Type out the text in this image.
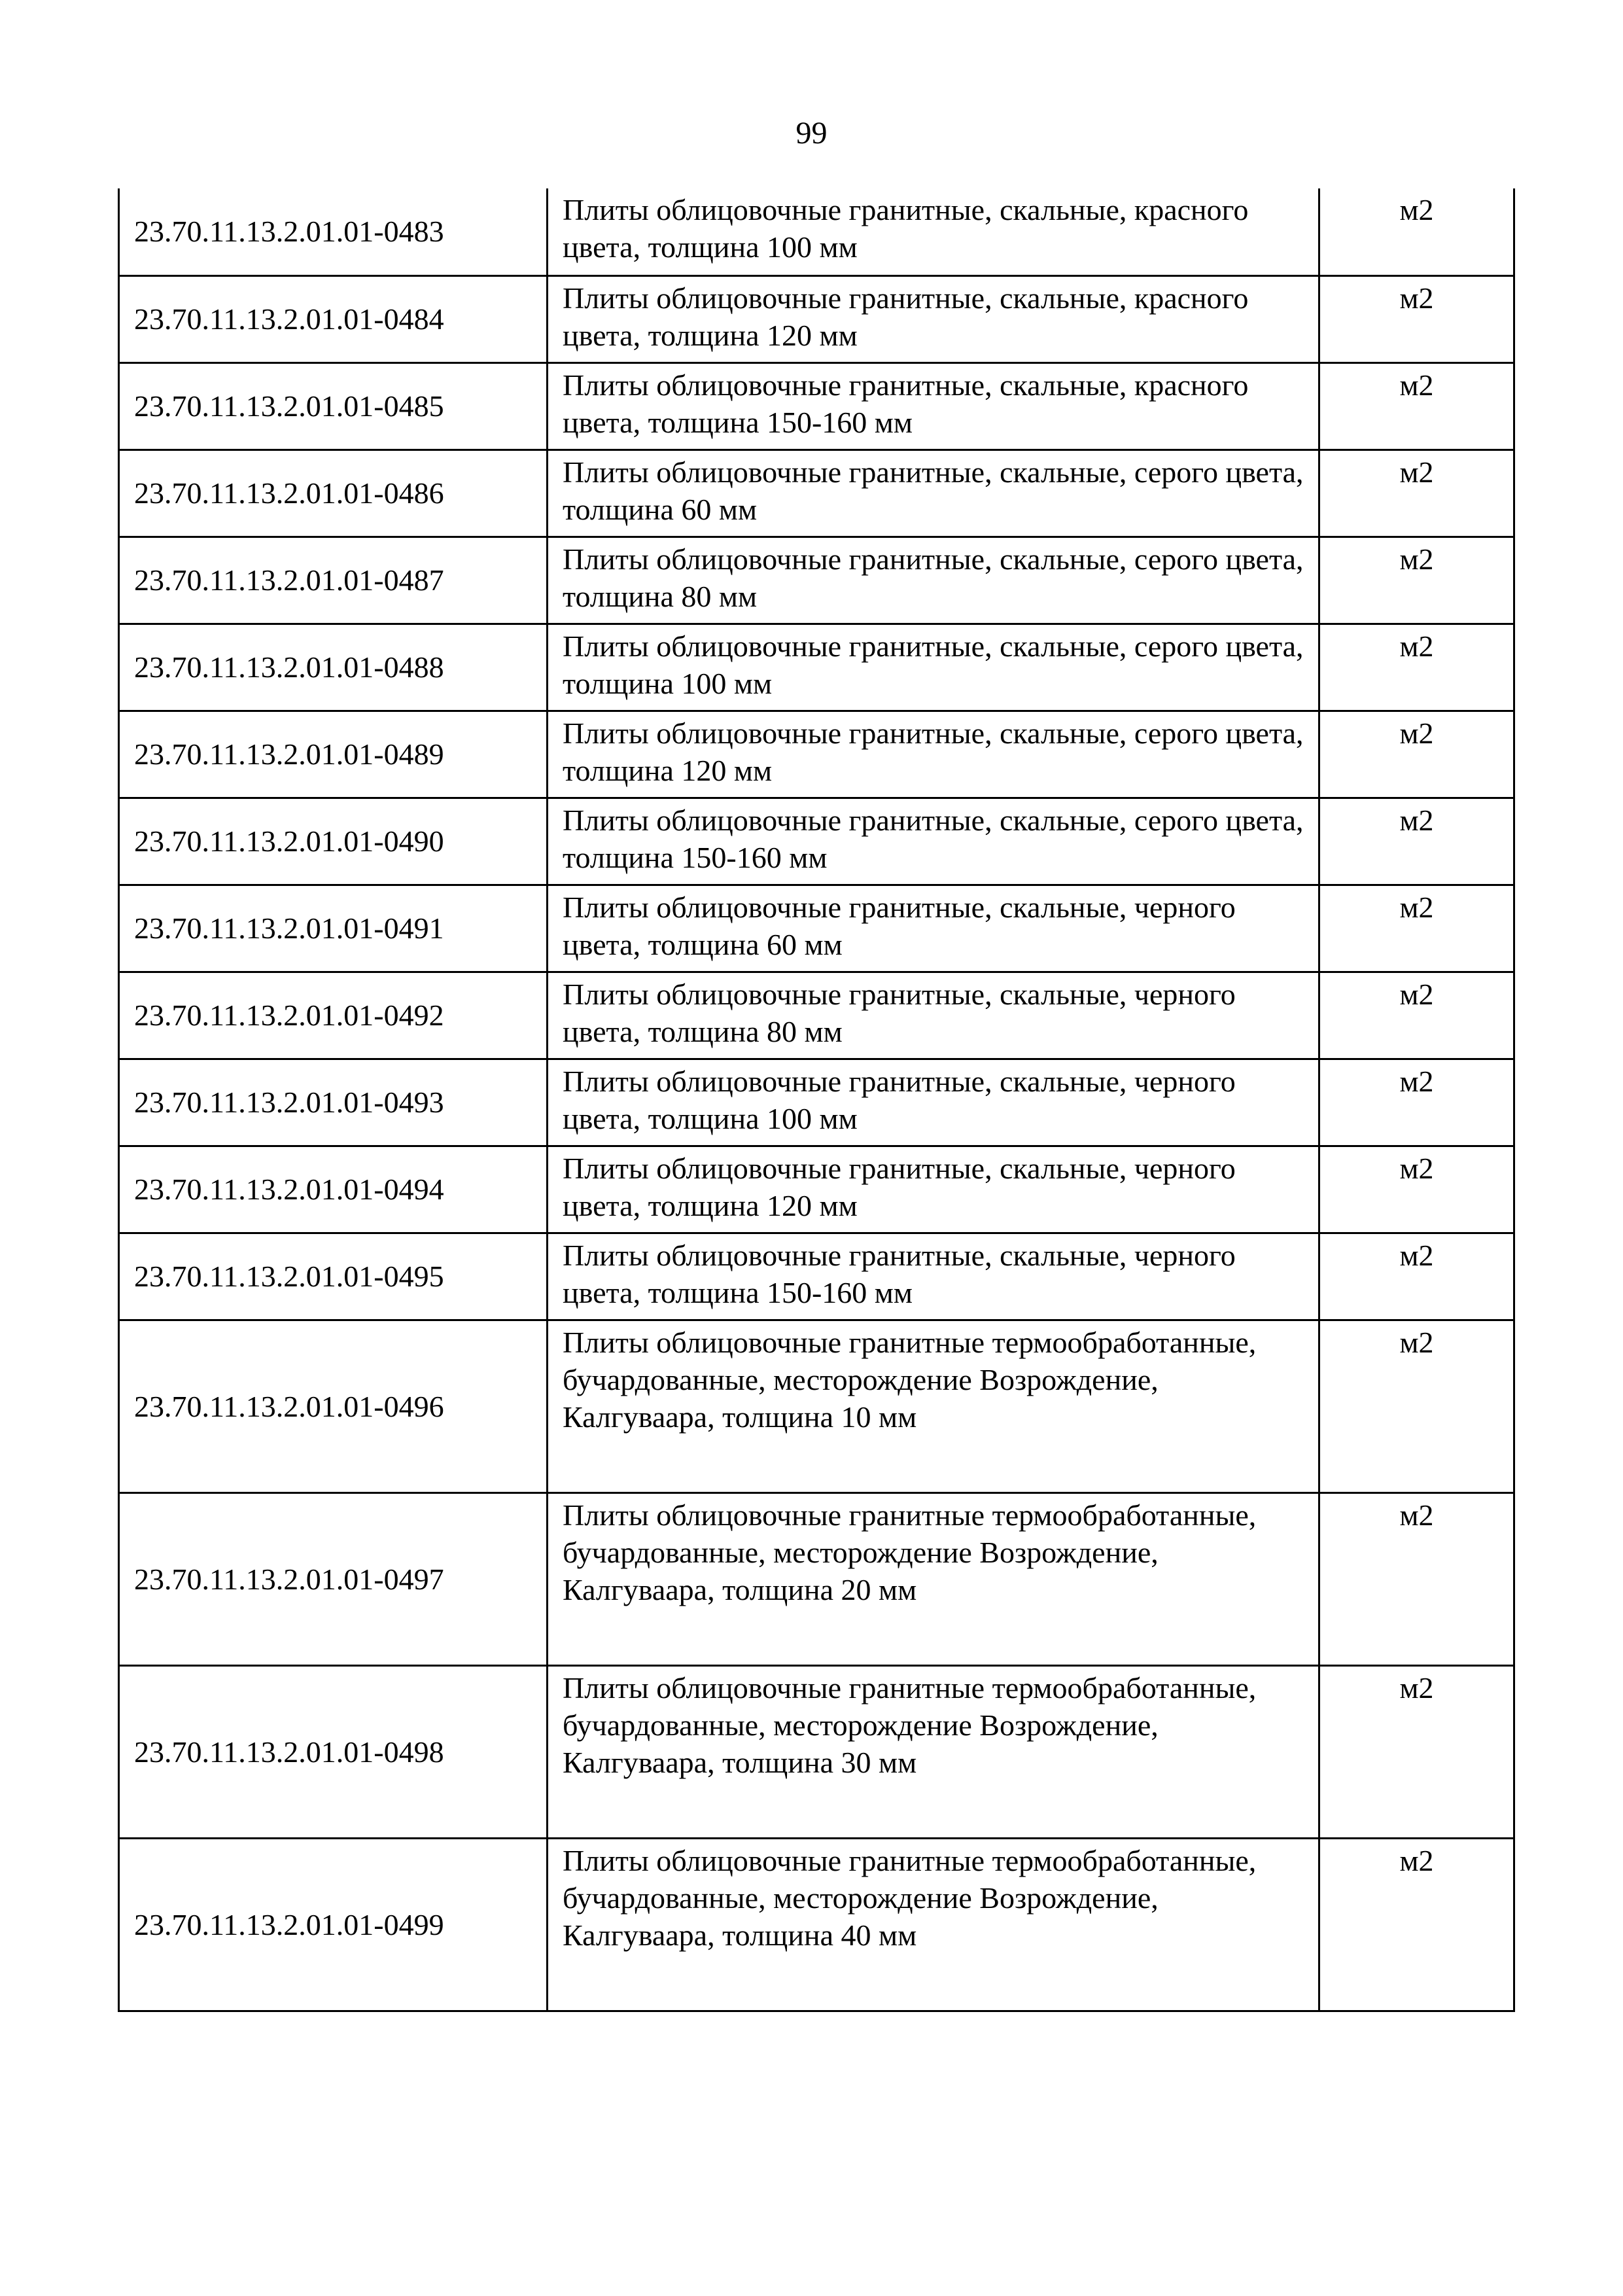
99
23.70.11.13.2.01.01-0483	Плиты облицовочные гранитные, скальные, красного цвета, толщина 100 мм	м2
23.70.11.13.2.01.01-0484	Плиты облицовочные гранитные, скальные, красного цвета, толщина 120 мм	м2
23.70.11.13.2.01.01-0485	Плиты облицовочные гранитные, скальные, красного цвета, толщина 150-160 мм	м2
23.70.11.13.2.01.01-0486	Плиты облицовочные гранитные, скальные, серого цвета, толщина 60 мм	м2
23.70.11.13.2.01.01-0487	Плиты облицовочные гранитные, скальные, серого цвета, толщина 80 мм	м2
23.70.11.13.2.01.01-0488	Плиты облицовочные гранитные, скальные, серого цвета, толщина 100 мм	м2
23.70.11.13.2.01.01-0489	Плиты облицовочные гранитные, скальные, серого цвета, толщина 120 мм	м2
23.70.11.13.2.01.01-0490	Плиты облицовочные гранитные, скальные, серого цвета, толщина 150-160 мм	м2
23.70.11.13.2.01.01-0491	Плиты облицовочные гранитные, скальные, черного цвета, толщина 60 мм	м2
23.70.11.13.2.01.01-0492	Плиты облицовочные гранитные, скальные, черного цвета, толщина 80 мм	м2
23.70.11.13.2.01.01-0493	Плиты облицовочные гранитные, скальные, черного цвета, толщина 100 мм	м2
23.70.11.13.2.01.01-0494	Плиты облицовочные гранитные, скальные, черного цвета, толщина 120 мм	м2
23.70.11.13.2.01.01-0495	Плиты облицовочные гранитные, скальные, черного цвета, толщина 150-160 мм	м2
23.70.11.13.2.01.01-0496	Плиты облицовочные гранитные термообработанные, бучардованные, месторождение Возрождение, Калгуваара, толщина 10 мм	м2
23.70.11.13.2.01.01-0497	Плиты облицовочные гранитные термообработанные, бучардованные, месторождение Возрождение, Калгуваара, толщина 20 мм	м2
23.70.11.13.2.01.01-0498	Плиты облицовочные гранитные термообработанные, бучардованные, месторождение Возрождение, Калгуваара, толщина 30 мм	м2
23.70.11.13.2.01.01-0499	Плиты облицовочные гранитные термообработанные, бучардованные, месторождение Возрождение, Калгуваара, толщина 40 мм	м2
